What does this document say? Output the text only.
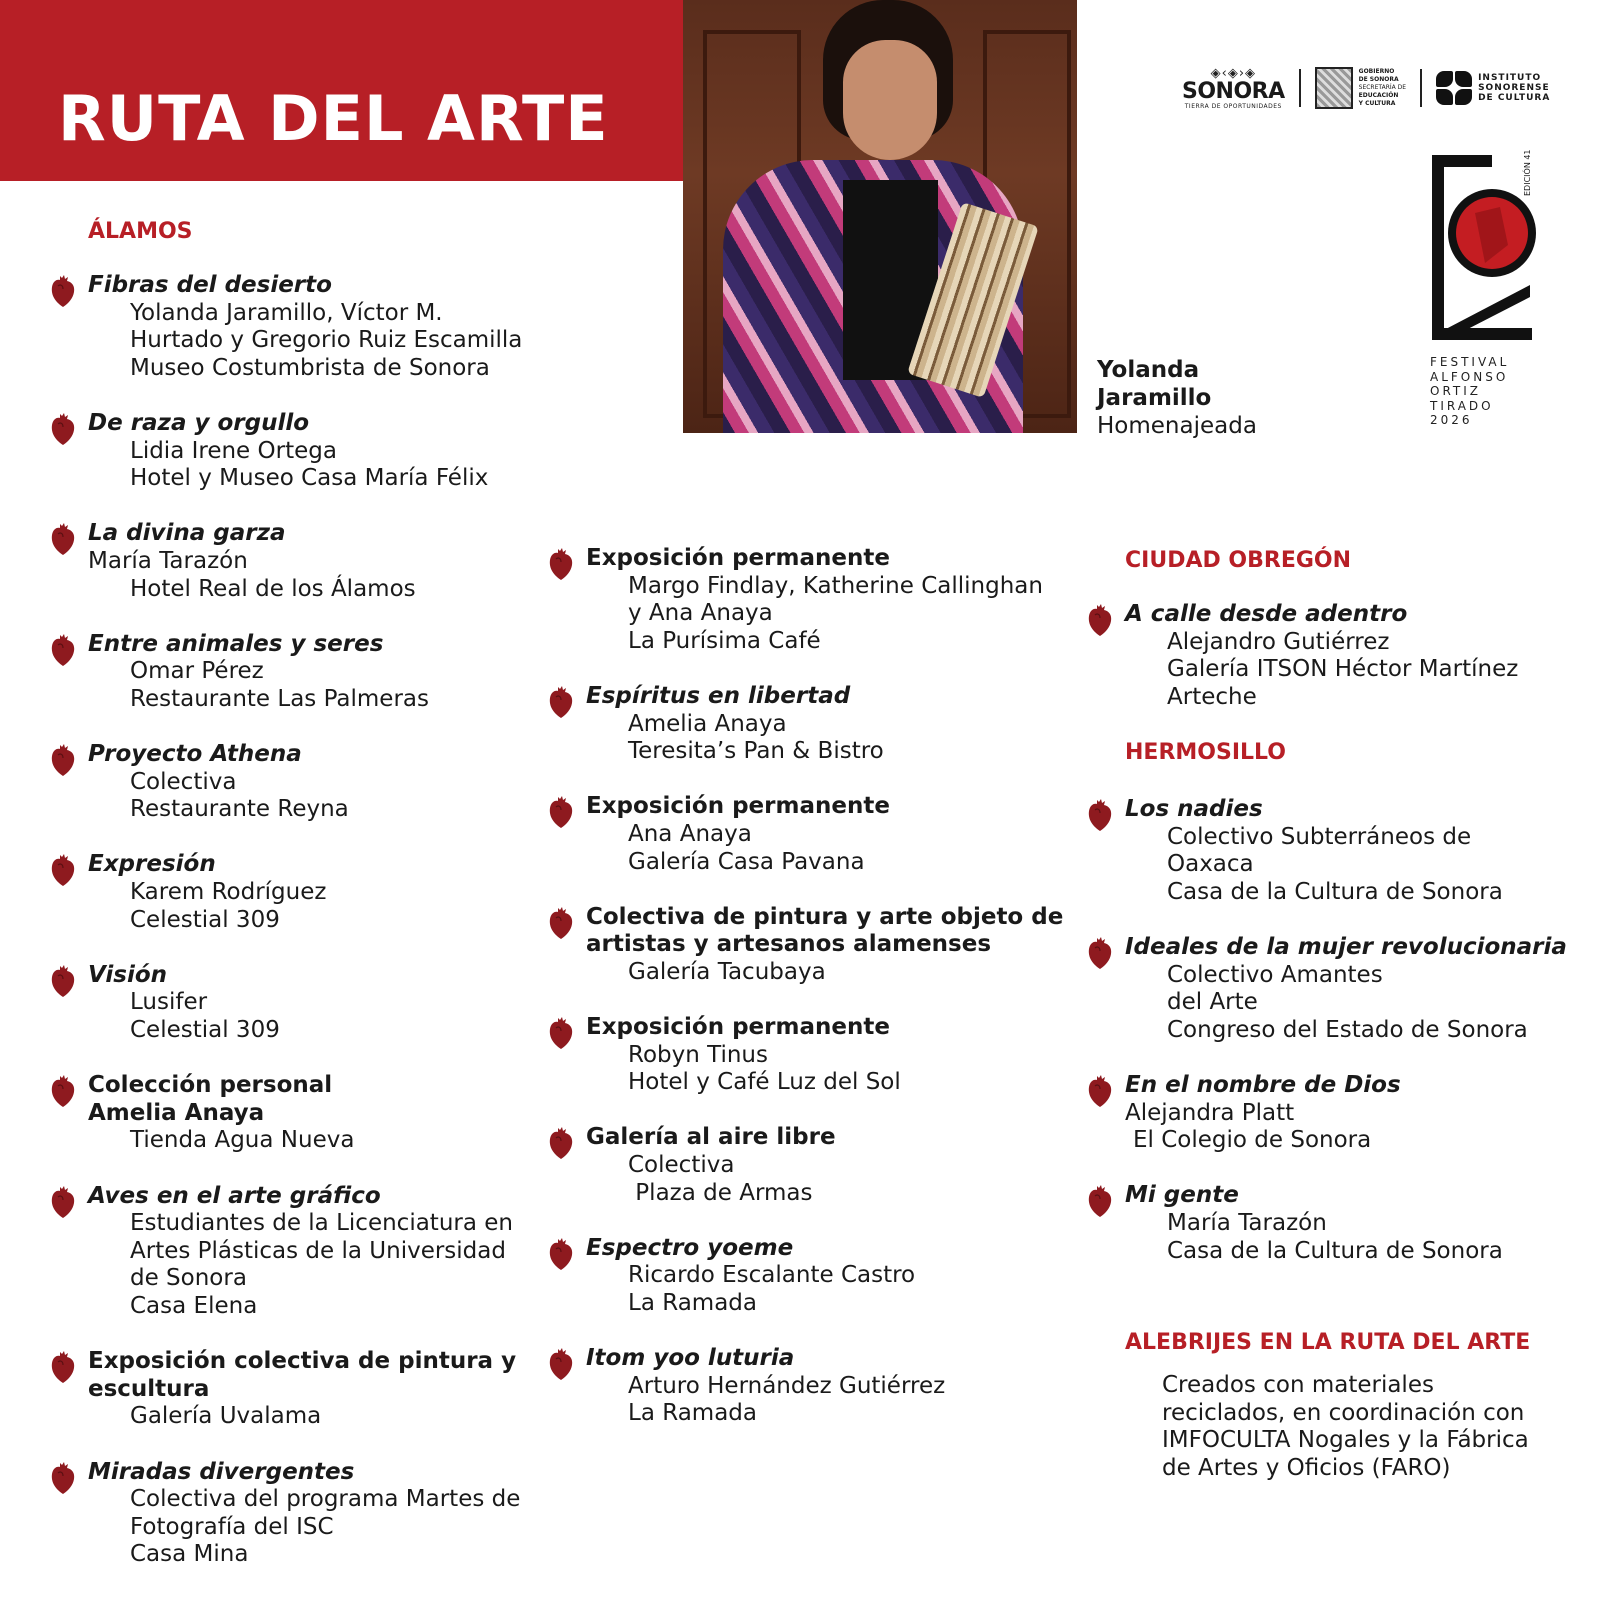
RUTA DEL ARTE
Yolanda
Jaramillo
Homenajeada
◈‹◈›◈
SONORA
TIERRA DE OPORTUNIDADES
GOBIERNO
DE SONORA
SECRETARÍA DE
EDUCACIÓN
Y CULTURA
INSTITUTO
SONORENSE
DE CULTURA
EDICIÓN 41
FESTIVAL
ALFONSO
ORTIZ
TIRADO
2026
ÁLAMOS
CIUDAD OBREGÓN
HERMOSILLO
ALEBRIJES EN LA RUTA DEL ARTE
Fibras del desierto
Yolanda Jaramillo, Víctor M.
Hurtado y Gregorio Ruiz Escamilla
Museo Costumbrista de Sonora
De raza y orgullo
Lidia Irene Ortega
Hotel y Museo Casa María Félix
La divina garza
María Tarazón
Hotel Real de los Álamos
Entre animales y seres
Omar Pérez
Restaurante Las Palmeras
Proyecto Athena
Colectiva
Restaurante Reyna
Expresión
Karem Rodríguez
Celestial 309
Visión
Lusifer
Celestial 309
Colección personal
Amelia Anaya
Tienda Agua Nueva
Aves en el arte gráfico
Estudiantes de la Licenciatura en
Artes Plásticas de la Universidad
de Sonora
Casa Elena
Exposición colectiva de pintura y
escultura
Galería Uvalama
Miradas divergentes
Colectiva del programa Martes de
Fotografía del ISC
Casa Mina
Exposición permanente
Margo Findlay, Katherine Callinghan
y Ana Anaya
La Purísima Café
Espíritus en libertad
Amelia Anaya
Teresita’s Pan & Bistro
Exposición permanente
Ana Anaya
Galería Casa Pavana
Colectiva de pintura y arte objeto de
artistas y artesanos alamenses
Galería Tacubaya
Exposición permanente
Robyn Tinus
Hotel y Café Luz del Sol
Galería al aire libre
Colectiva
Plaza de Armas
Espectro yoeme
Ricardo Escalante Castro
La Ramada
Itom yoo luturia
Arturo Hernández Gutiérrez
La Ramada
A calle desde adentro
Alejandro Gutiérrez
Galería ITSON Héctor Martínez
Arteche
Los nadies
Colectivo Subterráneos de
Oaxaca
Casa de la Cultura de Sonora
Ideales de la mujer revolucionaria
Colectivo Amantes
del Arte
Congreso del Estado de Sonora
En el nombre de Dios
Alejandra Platt
El Colegio de Sonora
Mi gente
María Tarazón
Casa de la Cultura de Sonora
Creados con materiales
reciclados, en coordinación con
IMFOCULTA Nogales y la Fábrica
de Artes y Oficios (FARO)
